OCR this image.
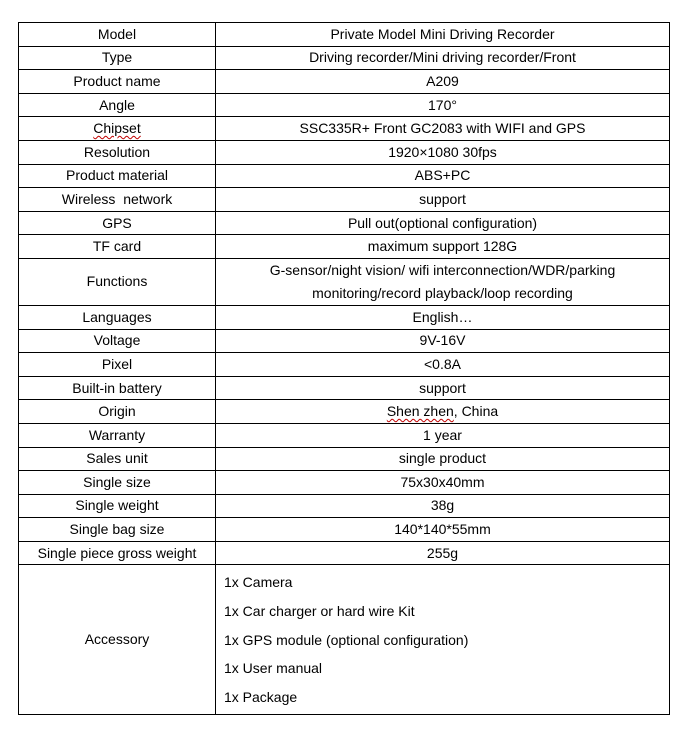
Model	Private Model Mini Driving Recorder
Type	Driving recorder/Mini driving recorder/Front
Product name	A209
Angle	170°
Chipset	SSC335R+ Front GC2083 with WIFI and GPS
Resolution	1920×1080 30fps
Product material	ABS+PC
Wireless  network	support
GPS	Pull out(optional configuration)
TF card	maximum support 128G
Functions	G-sensor/night vision/ wifi interconnection/WDR/parking
monitoring/record playback/loop recording

Languages	English…
Voltage	9V-16V
Pixel	<0.8A
Built-in battery	support
Origin	Shen zhen, China
Warranty	1 year
Sales unit	single product
Single size	75x30x40mm
Single weight	38g
Single bag size	140*140*55mm
Single piece gross weight	255g
Accessory	1x Camera
1x Car charger or hard wire Kit
1x GPS module (optional configuration)
1x User manual
1x Package
